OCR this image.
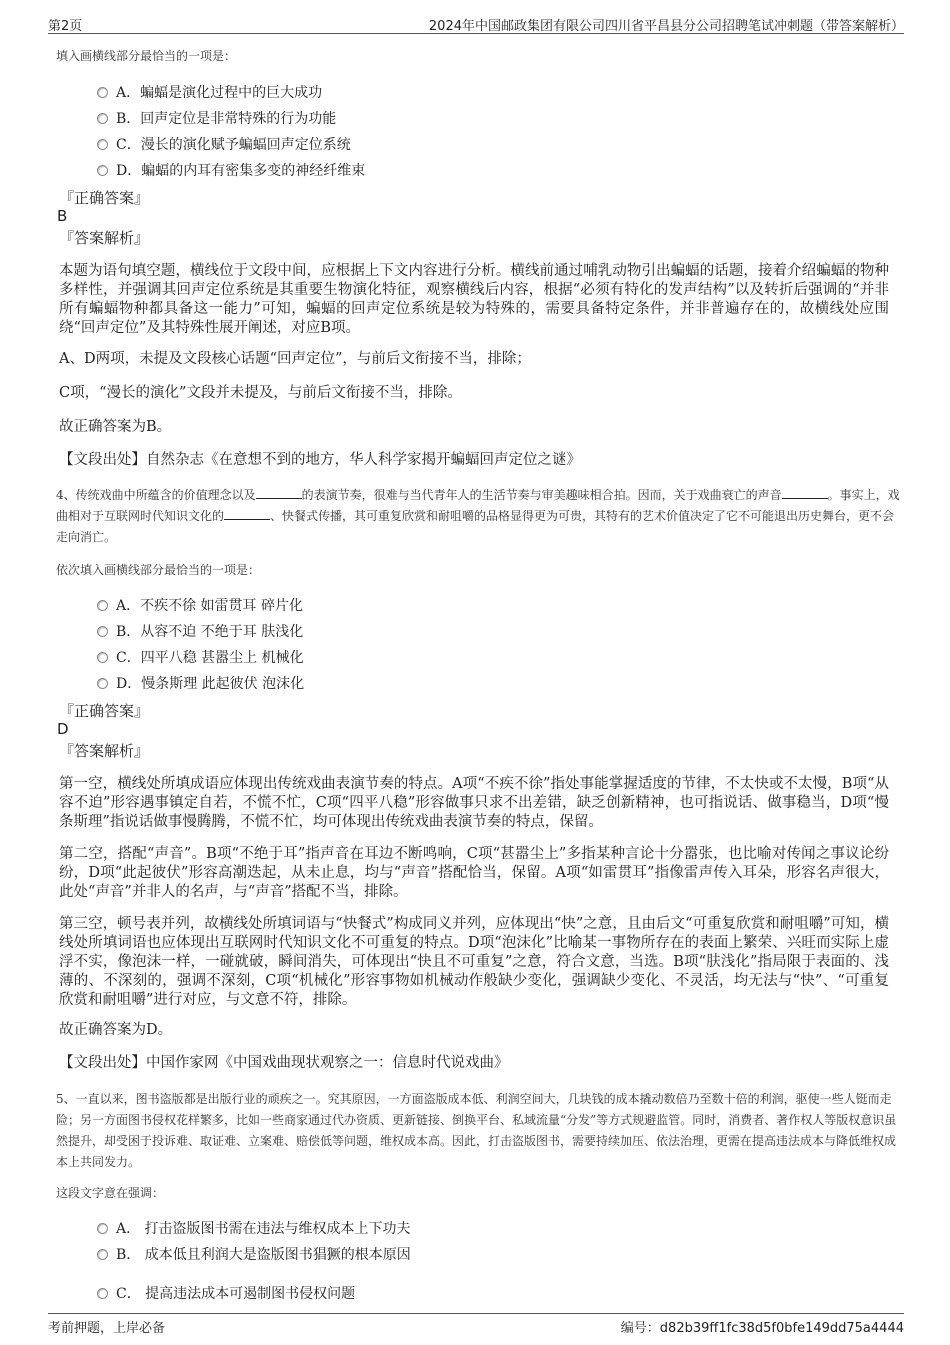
第2页	2024年中国邮政集团有限公司四川省平昌县分公司招聘笔试冲刺题（带答案解析）
填入画横线部分最恰当的一项是：
A．蝙蝠是演化过程中的巨大成功
B．回声定位是非常特殊的行为功能
C．漫长的演化赋予蝙蝠回声定位系统
D．蝙蝠的内耳有密集多变的神经纤维束
『正确答案』
B
『答案解析』
本题为语句填空题，横线位于文段中间，应根据上下文内容进行分析。横线前通过哺乳动物引出蝙蝠的话题，接着介绍蝙蝠的物种多样性，并强调其回声定位系统是其重要生物演化特征，观察横线后内容，根据“必须有特化的发声结构”以及转折后强调的“并非所有蝙蝠物种都具备这一能力”可知，蝙蝠的回声定位系统是较为特殊的，需要具备特定条件，并非普遍存在的，故横线处应围绕“回声定位”及其特殊性展开阐述，对应B项。
A、D两项，未提及文段核心话题“回声定位”，与前后文衔接不当，排除；
C项，“漫长的演化”文段并未提及，与前后文衔接不当，排除。
故正确答案为B。
【文段出处】自然杂志《在意想不到的地方，华人科学家揭开蝙蝠回声定位之谜》
4、传统戏曲中所蕴含的价值理念以及	的表演节奏，很难与当代青年人的生活节奏与审美趣味相合拍。因而，关于戏曲衰亡的声音	。事实上，戏曲相对于互联网时代知识文化的	、快餐式传播，其可重复欣赏和耐咀嚼的品格显得更为可贵，其特有的艺术价值决定了它不可能退出历史舞台，更不会走向消亡。
依次填入画横线部分最恰当的一项是：
A．不疾不徐 如雷贯耳 碎片化
B．从容不迫 不绝于耳 肤浅化
C．四平八稳 甚嚣尘上 机械化
D．慢条斯理 此起彼伏 泡沫化
『正确答案』
D
『答案解析』
第一空，横线处所填成语应体现出传统戏曲表演节奏的特点。A项“不疾不徐”指处事能掌握适度的节律，不太快或不太慢，B项“从容不迫”形容遇事镇定自若，不慌不忙，C项“四平八稳”形容做事只求不出差错，缺乏创新精神，也可指说话、做事稳当，D项“慢条斯理”指说话做事慢腾腾，不慌不忙，均可体现出传统戏曲表演节奏的特点，保留。
第二空，搭配“声音”。B项“不绝于耳”指声音在耳边不断鸣响，C项“甚嚣尘上”多指某种言论十分嚣张，也比喻对传闻之事议论纷纷，D项“此起彼伏”形容高潮迭起，从未止息，均与“声音”搭配恰当，保留。A项“如雷贯耳”指像雷声传入耳朵，形容名声很大，此处“声音”并非人的名声，与“声音”搭配不当，排除。
第三空，顿号表并列，故横线处所填词语与“快餐式”构成同义并列，应体现出“快”之意，且由后文“可重复欣赏和耐咀嚼”可知，横线处所填词语也应体现出互联网时代知识文化不可重复的特点。D项“泡沫化”比喻某一事物所存在的表面上繁荣、兴旺而实际上虚浮不实，像泡沫一样，一碰就破，瞬间消失，可体现出“快且不可重复”之意，符合文意，当选。B项“肤浅化”指局限于表面的、浅薄的、不深刻的，强调不深刻，C项“机械化”形容事物如机械动作般缺少变化，强调缺少变化、不灵活，均无法与“快”、“可重复欣赏和耐咀嚼”进行对应，与文意不符，排除。
故正确答案为D。
【文段出处】中国作家网《中国戏曲现状观察之一：信息时代说戏曲》
5、一直以来，图书盗版都是出版行业的顽疾之一。究其原因，一方面盗版成本低、利润空间大，几块钱的成本撬动数倍乃至数十倍的利润，驱使一些人铤而走险；另一方面图书侵权花样繁多，比如一些商家通过代办资质、更新链接、倒换平台、私域流量“分发”等方式规避监管。同时，消费者、著作权人等版权意识虽然提升，却受困于投诉难、取证难、立案难、赔偿低等问题，维权成本高。因此，打击盗版图书，需要持续加压、依法治理，更需在提高违法成本与降低维权成本上共同发力。
这段文字意在强调：
A． 打击盗版图书需在违法与维权成本上下功夫
B． 成本低且利润大是盗版图书猖獗的根本原因
C． 提高违法成本可遏制图书侵权问题
考前押题，上岸必备	编号：d82b39ff1fc38d5f0bfe149dd75a4444
